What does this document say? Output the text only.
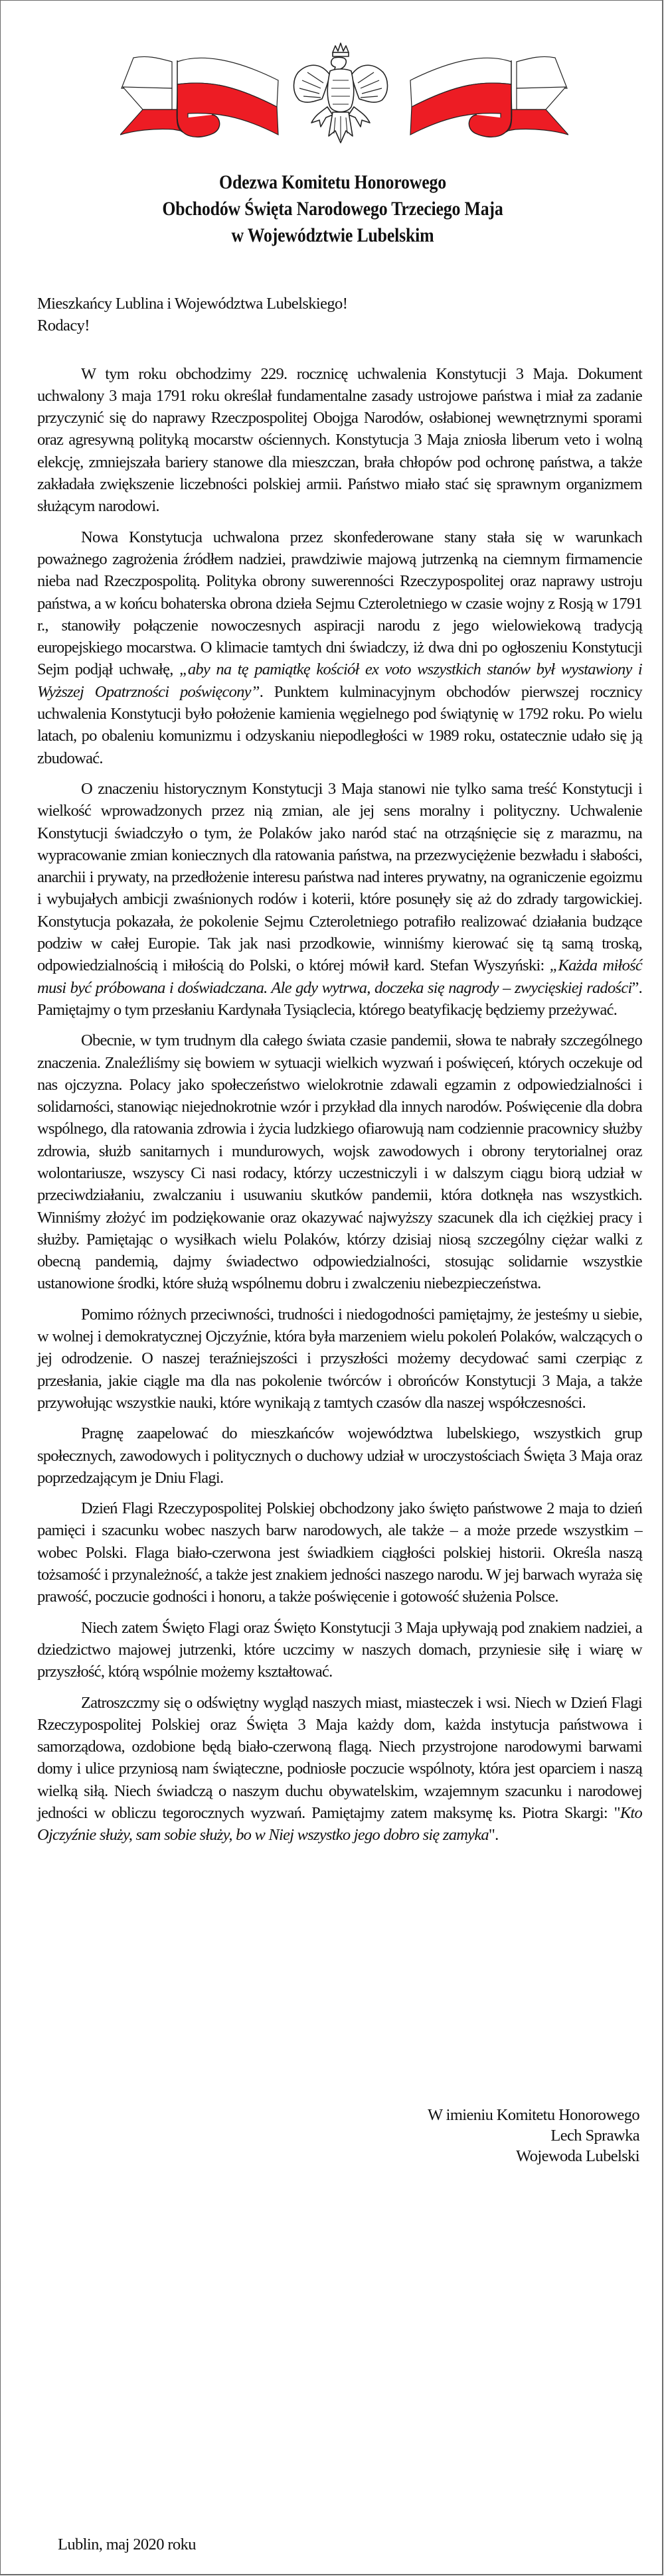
Odezwa Komitetu Honorowego
Obchodów Święta Narodowego Trzeciego Maja
w Województwie Lubelskim

Mieszkańcy Lublina i Województwa Lubelskiego!

Rodacy!

W tym roku obchodzimy 229. rocznicę uchwalenia Konstytucji 3 Maja. Dokument uchwalony 3 maja 1791 roku określał fundamentalne zasady ustrojowe państwa i miał za zadanie przyczynić się do naprawy Rzeczpospolitej Obojga Narodów, osłabionej wewnętrznymi sporami oraz agresywną polityką mocarstw ościennych. Konstytucja 3 Maja zniosła liberum veto i wolną elekcję, zmniejszała bariery stanowe dla mieszczan, brała chłopów pod ochronę państwa, a także zakładała zwiększenie liczebności polskiej armii. Państwo miało stać się sprawnym organizmem służącym narodowi.

Nowa Konstytucja uchwalona przez skonfederowane stany stała się w warunkach poważnego zagrożenia źródłem nadziei, prawdziwie majową jutrzenką na ciemnym firmamencie nieba nad Rzeczpospolitą. Polityka obrony suwerenności Rzeczypospolitej oraz naprawy ustroju państwa, a w końcu bohaterska obrona dzieła Sejmu Czteroletniego w czasie wojny z Rosją w 1791 r., stanowiły połączenie nowoczesnych aspiracji narodu z jego wielowiekową tradycją europejskiego mocarstwa. O klimacie tamtych dni świadczy, iż dwa dni po ogłoszeniu Konstytucji Sejm podjął uchwałę, „aby na tę pamiątkę kościół ex voto wszystkich stanów był wystawiony i Wyższej Opatrzności poświęcony”. Punktem kulminacyjnym obchodów pierwszej rocznicy uchwalenia Konstytucji było położenie kamienia węgielnego pod świątynię w 1792 roku. Po wielu latach, po obaleniu komunizmu i odzyskaniu niepodległości w 1989 roku, ostatecznie udało się ją zbudować.

O znaczeniu historycznym Konstytucji 3 Maja stanowi nie tylko sama treść Konstytucji i wielkość wprowadzonych przez nią zmian, ale jej sens moralny i polityczny. Uchwalenie Konstytucji świadczyło o tym, że Polaków jako naród stać na otrząśnięcie się z marazmu, na wypracowanie zmian koniecznych dla ratowania państwa, na przezwyciężenie bezwładu i słabości, anarchii i prywaty, na przedłożenie interesu państwa nad interes prywatny, na ograniczenie egoizmu i wybujałych ambicji zwaśnionych rodów i koterii, które posunęły się aż do zdrady targowickiej. Konstytucja pokazała, że pokolenie Sejmu Czteroletniego potrafiło realizować działania budzące podziw w całej Europie. Tak jak nasi przodkowie, winniśmy kierować się tą samą troską, odpowiedzialnością i miłością do Polski, o której mówił kard. Stefan Wyszyński: „Każda miłość musi być próbowana i doświadczana. Ale gdy wytrwa, doczeka się nagrody – zwycięskiej radości”. Pamiętajmy o tym przesłaniu Kardynała Tysiąclecia, którego beatyfikację będziemy przeżywać.

Obecnie, w tym trudnym dla całego świata czasie pandemii, słowa te nabrały szczególnego znaczenia. Znaleźliśmy się bowiem w sytuacji wielkich wyzwań i poświęceń, których oczekuje od nas ojczyzna. Polacy jako społeczeństwo wielokrotnie zdawali egzamin z odpowiedzialności i solidarności, stanowiąc niejednokrotnie wzór i przykład dla innych narodów. Poświęcenie dla dobra wspólnego, dla ratowania zdrowia i życia ludzkiego ofiarowują nam codziennie pracownicy służby zdrowia, służb sanitarnych i mundurowych, wojsk zawodowych i obrony terytorialnej oraz wolontariusze, wszyscy Ci nasi rodacy, którzy uczestniczyli i w dalszym ciągu biorą udział w przeciwdziałaniu, zwalczaniu i usuwaniu skutków pandemii, która dotknęła nas wszystkich. Winniśmy złożyć im podziękowanie oraz okazywać najwyższy szacunek dla ich ciężkiej pracy i służby. Pamiętając o wysiłkach wielu Polaków, którzy dzisiaj niosą szczególny ciężar walki z obecną pandemią, dajmy świadectwo odpowiedzialności, stosując solidarnie wszystkie ustanowione środki, które służą wspólnemu dobru i zwalczeniu niebezpieczeństwa.

Pomimo różnych przeciwności, trudności i niedogodności pamiętajmy, że jesteśmy u siebie, w wolnej i demokratycznej Ojczyźnie, która była marzeniem wielu pokoleń Polaków, walczących o jej odrodzenie. O naszej teraźniejszości i przyszłości możemy decydować sami czerpiąc z przesłania, jakie ciągle ma dla nas pokolenie twórców i obrońców Konstytucji 3 Maja, a także przywołując wszystkie nauki, które wynikają z tamtych czasów dla naszej współczesności.

Pragnę zaapelować do mieszkańców województwa lubelskiego, wszystkich grup społecznych, zawodowych i politycznych o duchowy udział w uroczystościach Święta 3 Maja oraz poprzedzającym je Dniu Flagi.

Dzień Flagi Rzeczypospolitej Polskiej obchodzony jako święto państwowe 2 maja to dzień pamięci i szacunku wobec naszych barw narodowych, ale także – a może przede wszystkim – wobec Polski. Flaga biało-czerwona jest świadkiem ciągłości polskiej historii. Określa naszą tożsamość i przynależność, a także jest znakiem jedności naszego narodu. W jej barwach wyraża się prawość, poczucie godności i honoru, a także poświęcenie i gotowość służenia Polsce.

Niech zatem Święto Flagi oraz Święto Konstytucji 3 Maja upływają pod znakiem nadziei, a dziedzictwo majowej jutrzenki, które uczcimy w naszych domach, przyniesie siłę i wiarę w przyszłość, którą wspólnie możemy kształtować.

Zatroszczmy się o odświętny wygląd naszych miast, miasteczek i wsi. Niech w Dzień Flagi Rzeczypospolitej Polskiej oraz Święta 3 Maja każdy dom, każda instytucja państwowa i samorządowa, ozdobione będą biało-czerwoną flagą. Niech przystrojone narodowymi barwami domy i ulice przyniosą nam świąteczne, podniosłe poczucie wspólnoty, która jest oparciem i naszą wielką siłą. Niech świadczą o naszym duchu obywatelskim, wzajemnym szacunku i narodowej jedności w obliczu tegorocznych wyzwań. Pamiętajmy zatem maksymę ks. Piotra Skargi: "Kto Ojczyźnie służy, sam sobie służy, bo w Niej wszystko jego dobro się zamyka".

W imieniu Komitetu Honorowego
Lech Sprawka
Wojewoda Lubelski
Lublin, maj 2020 roku
